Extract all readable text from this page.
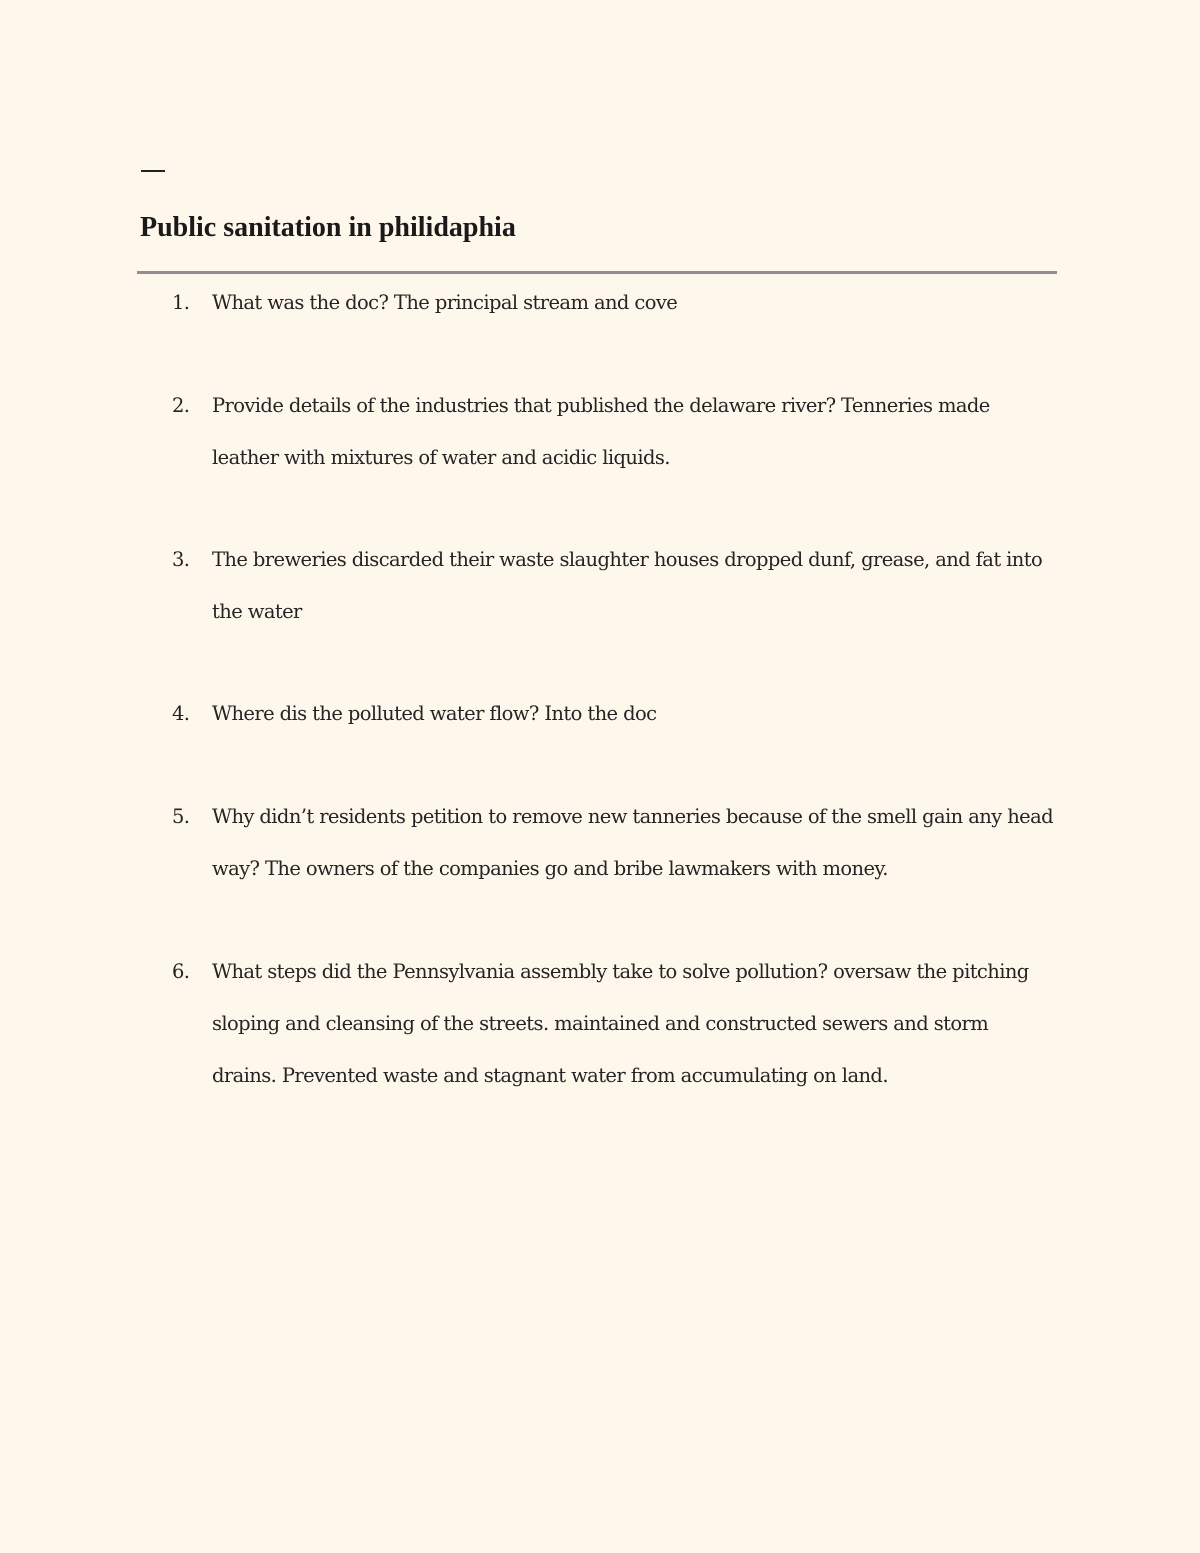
Public sanitation in philidaphia
1.	What was the doc? The principal stream and cove
2.	Provide details of the industries that published the delaware river? Tenneries made leather with mixtures of water and acidic liquids.
3.	The breweries discarded their waste slaughter houses dropped dunf, grease, and fat into the water
4.	Where dis the polluted water flow? Into the doc
5.	Why didn’t residents petition to remove new tanneries because of the smell gain any head way? The owners of the companies go and bribe lawmakers with money.
6.	What steps did the Pennsylvania assembly take to solve pollution? oversaw the pitching sloping and cleansing of the streets. maintained and constructed sewers and storm drains. Prevented waste and stagnant water from accumulating on land.
